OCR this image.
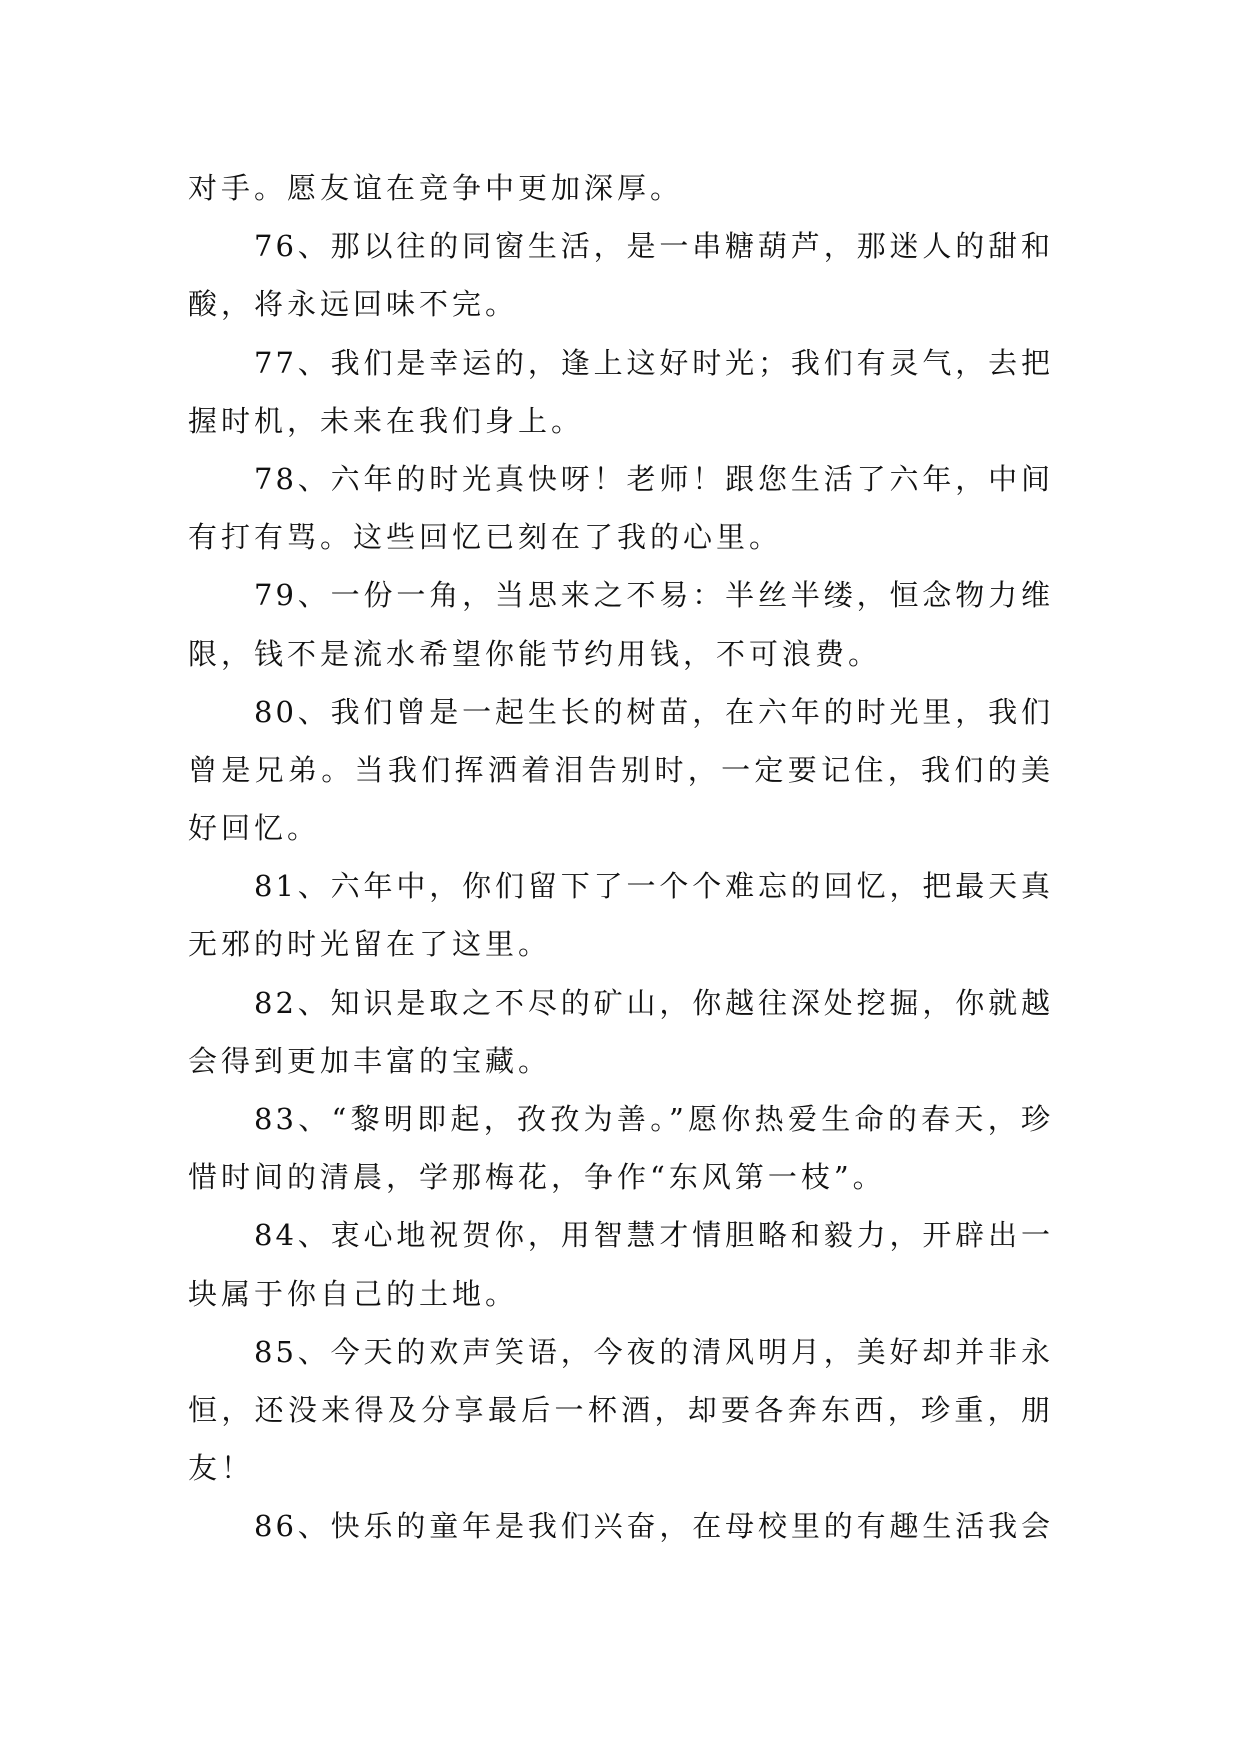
对手。愿友谊在竞争中更加深厚。
76、那以往的同窗生活，是一串糖葫芦，那迷人的甜和
酸，将永远回味不完。
77、我们是幸运的，逢上这好时光；我们有灵气，去把
握时机，未来在我们身上。
78、六年的时光真快呀！老师！跟您生活了六年，中间
有打有骂。这些回忆已刻在了我的心里。
79、一份一角，当思来之不易：半丝半缕，恒念物力维
限，钱不是流水希望你能节约用钱，不可浪费。
80、我们曾是一起生长的树苗，在六年的时光里，我们
曾是兄弟。当我们挥洒着泪告别时，一定要记住，我们的美
好回忆。
81、六年中，你们留下了一个个难忘的回忆，把最天真
无邪的时光留在了这里。
82、知识是取之不尽的矿山，你越往深处挖掘，你就越
会得到更加丰富的宝藏。
83、“黎明即起，孜孜为善。”愿你热爱生命的春天，珍
惜时间的清晨，学那梅花，争作“东风第一枝”。
84、衷心地祝贺你，用智慧才情胆略和毅力，开辟出一
块属于你自己的土地。
85、今天的欢声笑语，今夜的清风明月，美好却并非永
恒，还没来得及分享最后一杯酒，却要各奔东西，珍重，朋
友！
86、快乐的童年是我们兴奋，在母校里的有趣生活我会
